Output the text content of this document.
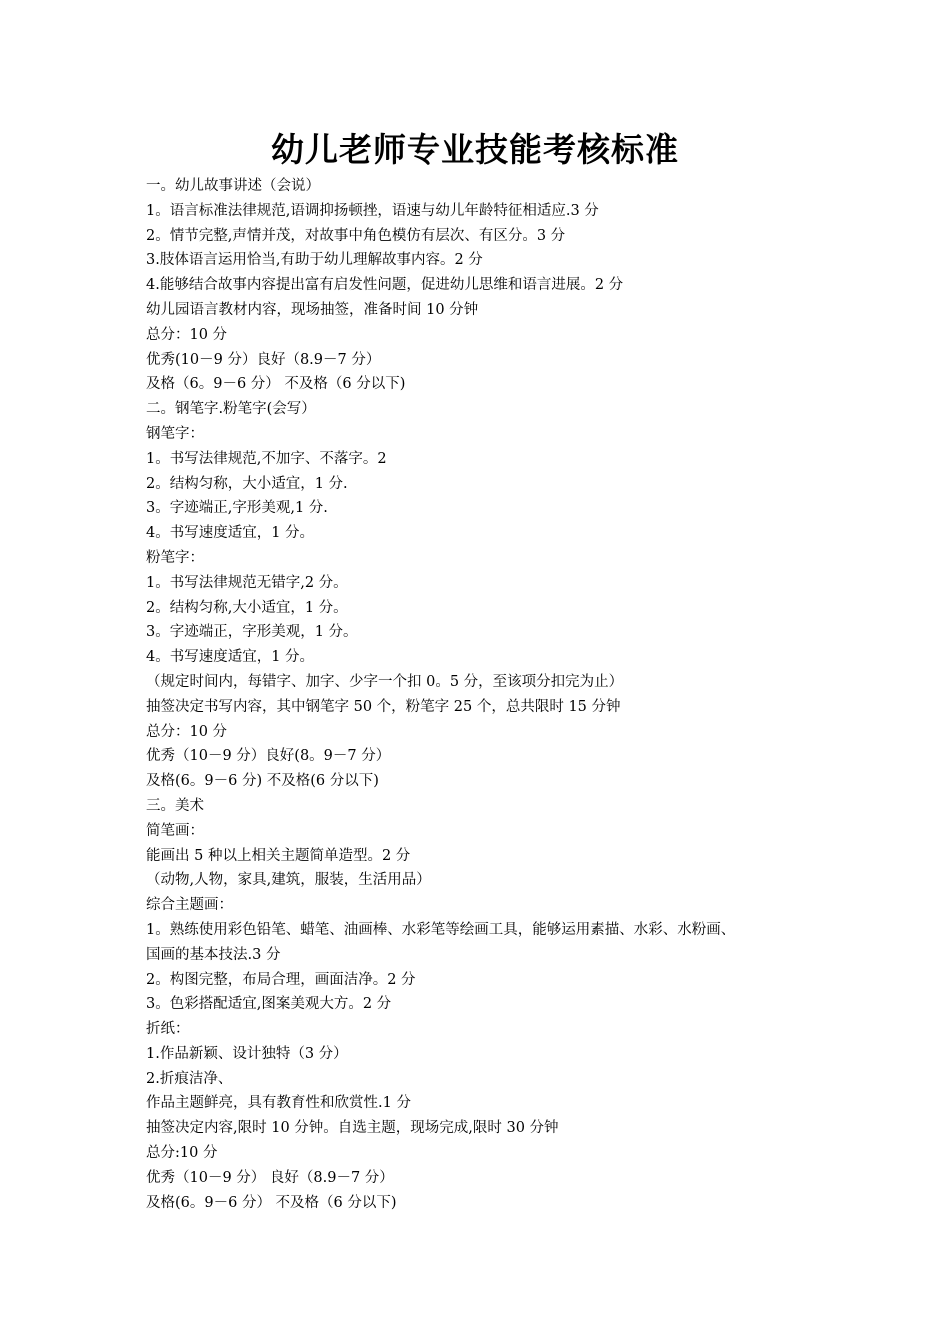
幼儿老师专业技能考核标准
一。幼儿故事讲述（会说）
1。语言标准法律规范,语调抑扬顿挫，语速与幼儿年龄特征相适应.3 分
2。情节完整,声情并茂，对故事中角色模仿有层次、有区分。3 分
3.肢体语言运用恰当,有助于幼儿理解故事内容。2 分
4.能够结合故事内容提出富有启发性问题，促进幼儿思维和语言进展。2 分
幼儿园语言教材内容，现场抽签，准备时间 10 分钟
总分：10 分
优秀(10－9 分）良好（8.9－7 分）
及格（6。9－6 分） 不及格（6 分以下)
二。钢笔字.粉笔字(会写）
钢笔字：
1。书写法律规范,不加字、不落字。2
2。结构匀称，大小适宜，1 分.
3。字迹端正,字形美观,1 分.
4。书写速度适宜，1 分。
粉笔字：
1。书写法律规范无错字,2 分。
2。结构匀称,大小适宜，1 分。
3。字迹端正，字形美观，1 分。
4。书写速度适宜，1 分。
（规定时间内，每错字、加字、少字一个扣 0。5 分，至该项分扣完为止）
抽签决定书写内容，其中钢笔字 50 个，粉笔字 25 个，总共限时 15 分钟
总分：10 分
优秀（10－9 分）良好(8。9－7 分）
及格(6。9－6 分) 不及格(6 分以下)
三。美术
简笔画：
能画出 5 种以上相关主题简单造型。2 分
（动物,人物，家具,建筑，服装，生活用品）
综合主题画：
1。熟练使用彩色铅笔、蜡笔、油画棒、水彩笔等绘画工具，能够运用素描、水彩、水粉画、
国画的基本技法.3 分
2。构图完整，布局合理，画面洁净。2 分
3。色彩搭配适宜,图案美观大方。2 分
折纸：
1.作品新颖、设计独特（3 分）
2.折痕洁净、
作品主题鲜亮，具有教育性和欣赏性.1 分
抽签决定内容,限时 10 分钟。自选主题，现场完成,限时 30 分钟
总分:10 分
优秀（10－9 分） 良好（8.9－7 分）
及格(6。9－6 分） 不及格（6 分以下)
